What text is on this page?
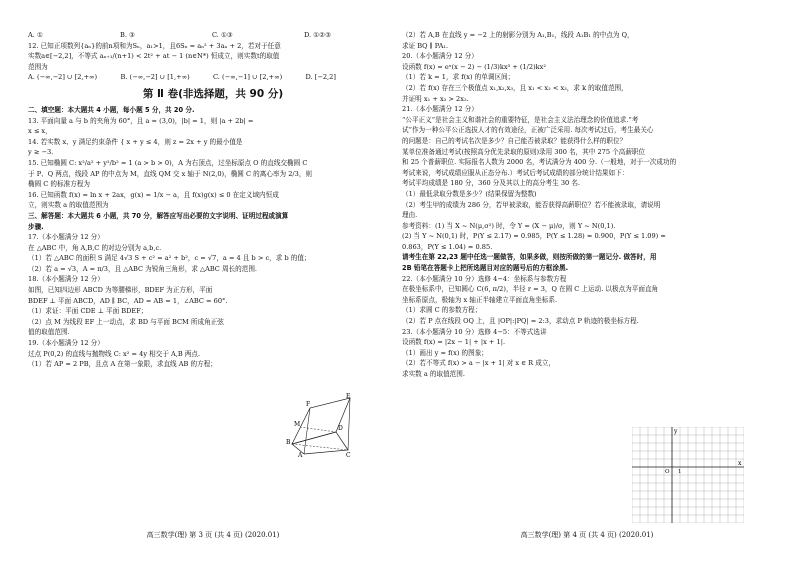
A. ①	B. ③	C. ①③	D. ①②③
12. 已知正项数列{aₙ}的前n项和为Sₙ，a₁>1，且6Sₙ = aₙ² + 3aₙ + 2，若对于任意
实数a∈[−2,2]，不等式 aₙ₊₁/(n+1) < 2t² + at − 1 (n∈N*) 恒成立，则实数t的取值
范围为
A. (−∞,−2] ∪ [2,+∞)	B. (−∞,−2] ∪ [1,+∞)	C. (−∞,−1] ∪ [2,+∞)	D. [−2,2]
第 Ⅱ 卷(非选择题，共 90 分)
二、填空题：本大题共 4 小题，每小题 5 分，共 20 分.
13. 平面向量 a 与 b 的夹角为 60°，且 a = (3,0)，|b| = 1，则 |a + 2b| =
x ≤ x，
14. 若实数 x、y 满足约束条件 { x + y ≤ 4，则 z = 2x + y 的最小值是
y ≥ −3.
15. 已知椭圆 C: x²/a² + y²/b² = 1 (a > b > 0)，A 为右顶点，过坐标原点 O 的直线交椭圆 C
于 P、Q 两点，线段 AP 的中点为 M，直线 QM 交 x 轴于 N(2,0)，椭圆 C 的离心率为 2/3，则
椭圆 C 的标准方程为
16. 已知函数 f(x) = ln x + 2ax，g(x) = 1/x − a，且 f(x)g(x) ≤ 0 在定义域内恒成
立，则实数 a 的取值范围为
三、解答题：本大题共 6 小题，共 70 分，解答应写出必要的文字说明、证明过程或演算
步骤.
17.（本小题满分 12 分）
在 △ABC 中，角 A,B,C 的对边分别为 a,b,c.
（1）若 △ABC 的面积 S 满足 4√3 S + c² = a² + b²，c = √7，a = 4 且 b > c，求 b 的值；
（2）若 a = √3，A = π/3，且 △ABC 为锐角三角形，求 △ABC 周长的范围.
18.（本小题满分 12 分）
如图，已知四边形 ABCD 为等腰梯形，BDEF 为正方形，平面
BDEF ⊥ 平面 ABCD，AD ∥ BC，AD = AB = 1，∠ABC = 60°.
（1）求证：平面 CDE ⊥ 平面 BDEF；
（2）点 M 为线段 EF 上一动点，求 BD 与平面 BCM 所成角正弦
值的取值范围.
19.（本小题满分 12 分）
过点 P(0,2) 的直线与抛物线 C: x² = 4y 相交于 A,B 两点.
（1）若 AP = 2 PB，且点 A 在第一象限，求直线 AB 的方程；
E
F
M
A
B
C
D
高三数学(理) 第 3 页 (共 4 页) (2020.01)
（2）若 A,B 在直线 y = −2 上的射影分别为 A₁,B₁，线段 A₁B₁ 的中点为 Q，
求证 BQ ∥ PA₁.
20.（本小题满分 12 分）
设函数 f(x) = eˣ(x − 2) − (1/3)kx³ + (1/2)kx²
（1）若 k = 1，求 f(x) 的单调区间；
（2）若 f(x) 存在三个极值点 x₁,x₂,x₃，且 x₁ < x₂ < x₃，求 k 的取值范围，
并证明 x₁ + x₃ > 2x₂.
21.（本小题满分 12 分）
“公平正义”是社会主义和谐社会的重要特征，是社会主义法治理念的价值追求.“考
试”作为一种公平公正选拔人才的有效途径，正被广泛采用. 每次考试过后，考生最关心
的问题是：自己的考试名次是多少？自己能否被录取？能获得什么样的职位？
某单位准备通过考试(按照高分优先录取的原则)录用 300 名，其中 275 个高薪职位
和 25 个普薪职位. 实际报名人数为 2000 名，考试满分为 400 分.（一般地，对于一次成功的
考试来说，考试成绩应服从正态分布.）考试后考试成绩的部分统计结果如下：
考试平均成绩是 180 分，360 分及其以上的高分考生 30 名.
（1）最低录取分数是多少？(结果保留为整数)
（2）考生甲的成绩为 286 分，若甲被录取，能否获得高薪职位？若不能被录取，请说明
理由.
参考资料：(1) 当 X ~ N(μ,σ²) 时，令 Y = (X − μ)/σ，则 Y ~ N(0,1).
(2) 当 Y ~ N(0,1) 时，P(Y ≤ 2.17) ≈ 0.985，P(Y ≤ 1.28) ≈ 0.900，P(Y ≤ 1.09) ≈
0.863，P(Y ≤ 1.04) ≈ 0.85.
请考生在第 22,23 题中任选一题做答，如果多做，则按所做的第一题记分. 做答时，用
2B 铅笔在答题卡上把所选题目对应的题号后的方框涂黑.
22.（本小题满分 10 分）选修 4−4：坐标系与参数方程
在极坐标系中，已知圆心 C(6, π/2)，半径 r = 3，Q 在圆 C 上运动. 以极点为平面直角
坐标系原点，极轴为 x 轴正半轴建立平面直角坐标系.
（1）求圆 C 的参数方程；
（2）若 P 点在线段 OQ 上，且 |OP|:|PQ| = 2:3，求动点 P 轨迹的极坐标方程.
23.（本小题满分 10 分）选修 4−5：不等式选讲
设函数 f(x) = |2x − 1| + |x + 1|.
（1）画出 y = f(x) 的图象；
（2）若不等式 f(x) > a − |x + 1| 对 x ∈ R 成立，
求实数 a 的取值范围.
y
x
O 1
高三数学(理) 第 4 页 (共 4 页) (2020.01)
